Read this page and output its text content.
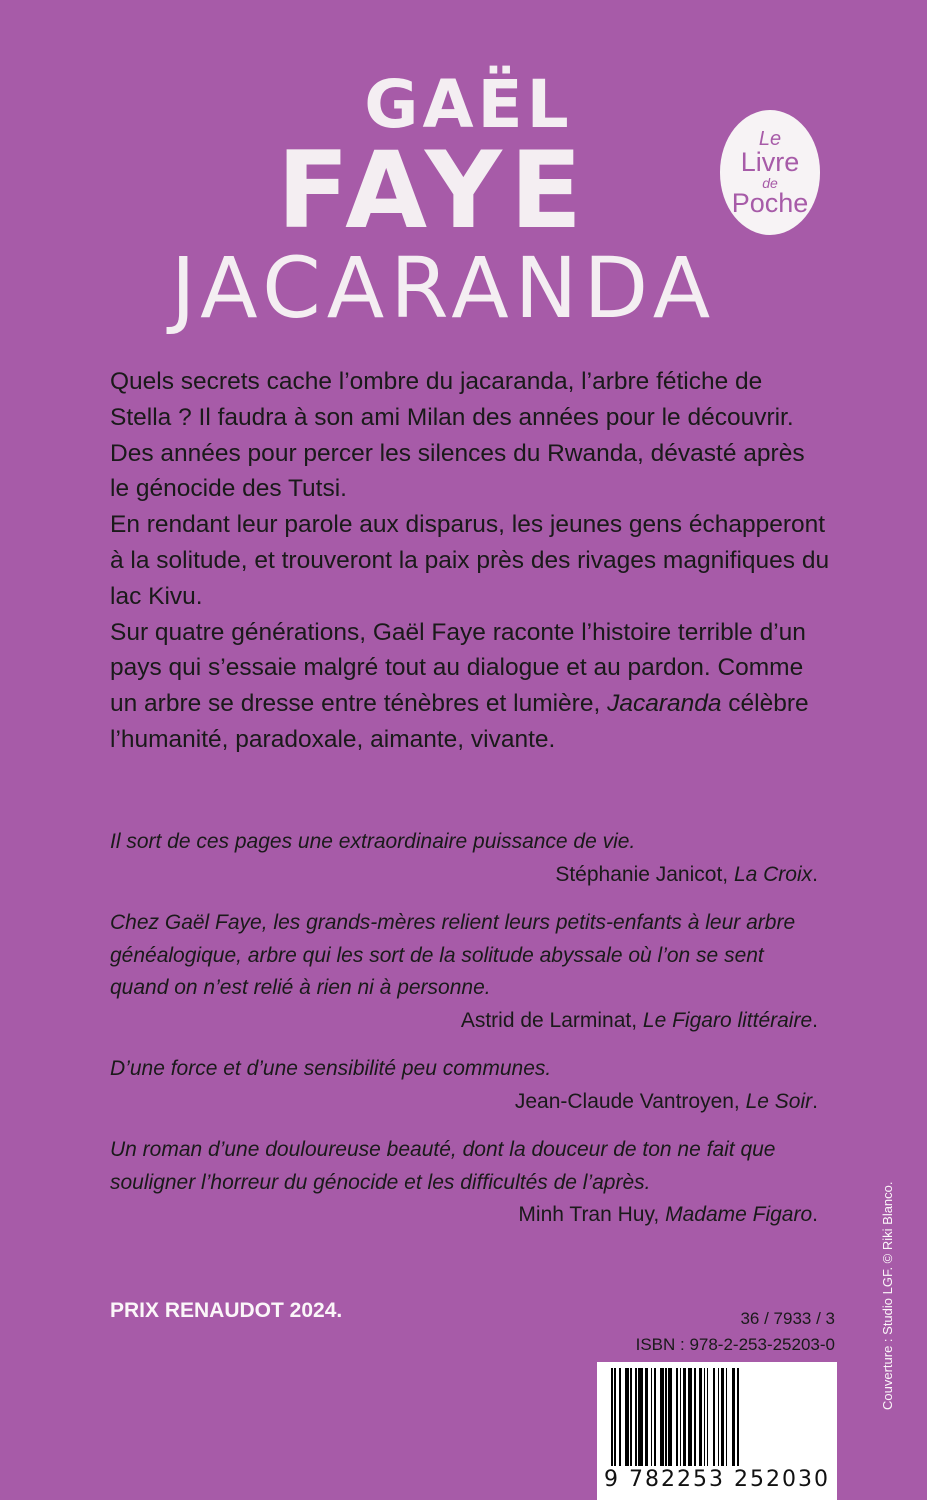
GAËL
FAYE
JACARANDA
Le
Livre
de
Poche

Quels secrets cache l’ombre du jacaranda, l’arbre fétiche de Stella ? Il faudra à son ami Milan des années pour le découvrir. Des années pour percer les silences du Rwanda, dévasté après le génocide des Tutsi.

En rendant leur parole aux disparus, les jeunes gens échapperont à la solitude, et trouveront la paix près des rivages magnifiques du lac Kivu.

Sur quatre générations, Gaël Faye raconte l’histoire terrible d’un pays qui s’essaie malgré tout au dialogue et au pardon. Comme un arbre se dresse entre ténèbres et lumière, Jacaranda célèbre l’humanité, paradoxale, aimante, vivante.

Il sort de ces pages une extraordinaire puissance de vie.
Stéphanie Janicot, La Croix.
Chez Gaël Faye, les grands-mères relient leurs petits-enfants à leur arbre généalogique, arbre qui les sort de la solitude abyssale où l’on se sent quand on n’est relié à rien ni à personne.
Astrid de Larminat, Le Figaro littéraire.
D’une force et d’une sensibilité peu communes.
Jean-Claude Vantroyen, Le Soir.
Un roman d’une douloureuse beauté, dont la douceur de ton ne fait que souligner l’horreur du génocide et les difficultés de l’après.
Minh Tran Huy, Madame Figaro.
PRIX RENAUDOT 2024.	36 / 7933 / 3
ISBN : 978-2-253-25203-0
9 782253 252030
Couverture : Studio LGF. © Riki Blanco.
